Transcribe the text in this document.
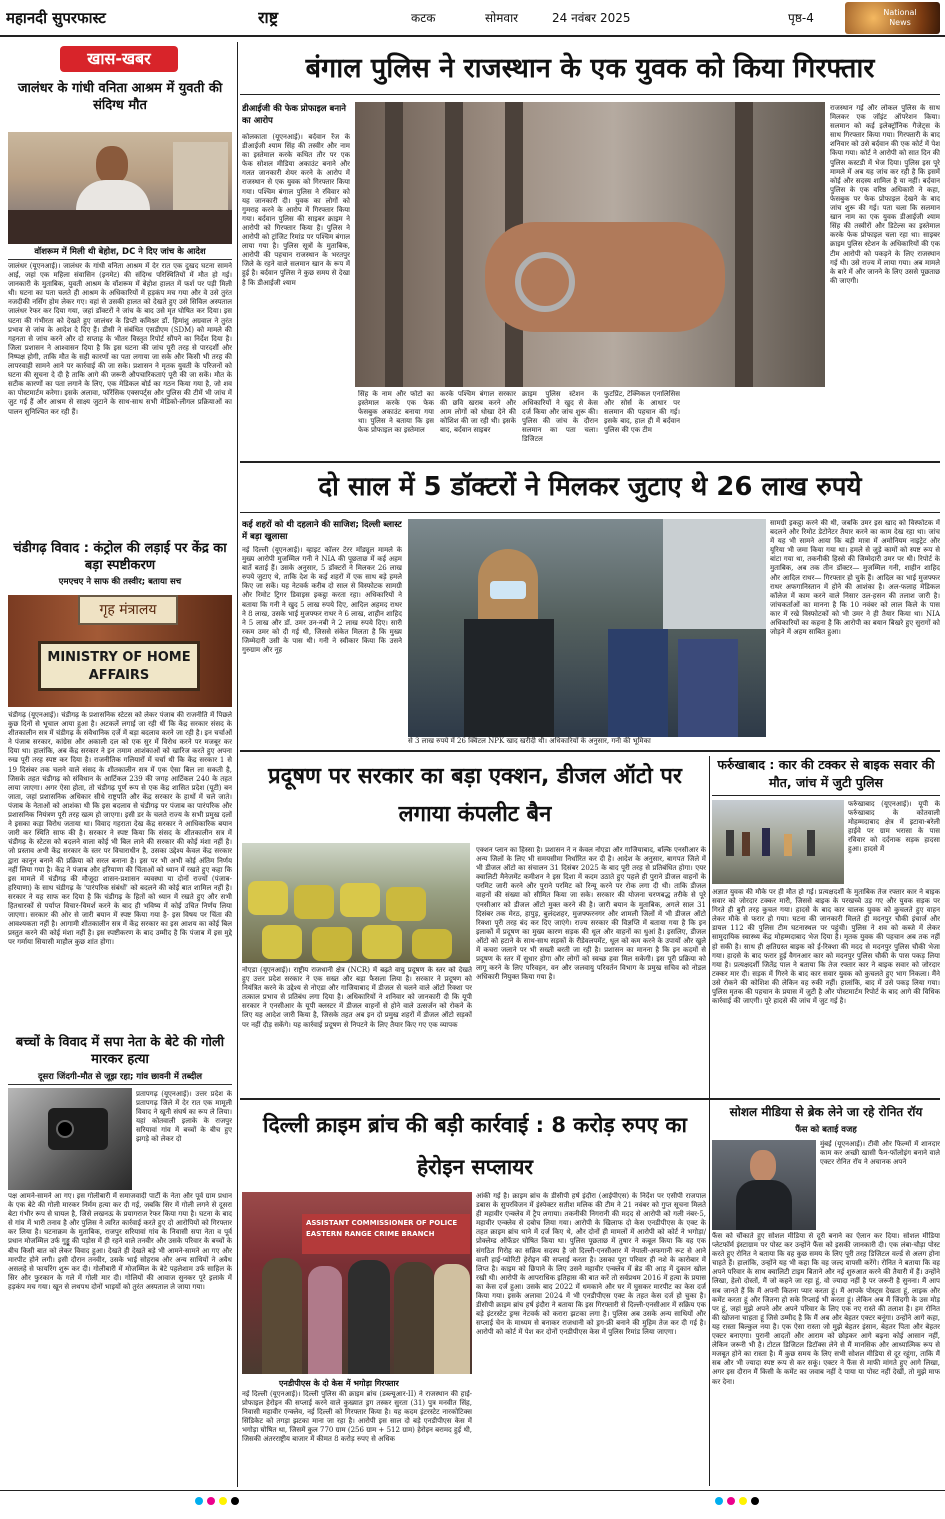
महानदी सुपरफास्ट	राष्ट्र	कटक	सोमवार	24 नवंबर 2025	पृष्ठ-4	National News
खास-खबर
जालंधर के गांधी वनिता आश्रम में युवती की संदिग्ध मौत
वॉशरूम में मिली थी बेहोश, DC ने दिए जांच के आदेश
जालंधर (यूएनआई)। जालंधर के गांधी वनिता आश्रम में देर रात एक दुखद घटना सामने आई, जहां एक महिला संवासिन (इनमेट) की संदिग्ध परिस्थितियों में मौत हो गई। जानकारी के मुताबिक, युवती आश्रम के वॉशरूम में बेहोश हालत में फर्श पर पड़ी मिली थी। घटना का पता चलते ही आश्रम के अधिकारियों में हड़कंप मच गया और वे उसे तुरंत नजदीकी नर्सिंग होम लेकर गए। वहां से उसकी हालत को देखते हुए उसे सिविल अस्पताल जालंधर रेफर कर दिया गया, जहां डॉक्टरों ने जांच के बाद उसे मृत घोषित कर दिया। इस घटना की गंभीरता को देखते हुए जालंधर के डिप्टी कमिश्नर डॉ. हिमांशु अग्रवाल ने तुरंत प्रभाव से जांच के आदेश दे दिए हैं। डीसी ने संबंधित एसडीएम (SDM) को मामले की गहनता से जांच करने और दो सप्ताह के भीतर विस्तृत रिपोर्ट सौंपने का निर्देश दिया है। जिला प्रशासन ने आश्वासन दिया है कि इस घटना की जांच पूरी तरह से पारदर्शी और निष्पक्ष होगी, ताकि मौत के सही कारणों का पता लगाया जा सके और किसी भी तरह की लापरवाही सामने आने पर कार्रवाई की जा सके। प्रशासन ने मृतक युवती के परिजनों को घटना की सूचना दे दी है ताकि आगे की जरूरी औपचारिकताएं पूरी की जा सकें। मौत के सटीक कारणों का पता लगाने के लिए, एक मेडिकल बोर्ड का गठन किया गया है, जो शव का पोस्टमार्टम करेगा। इसके अलावा, फॉरेंसिक एक्सपर्ट्स और पुलिस की टीमें भी जांच में जुट गई हैं और आश्रम से साक्ष्य जुटाने के साथ-साथ सभी मेडिको-लीगल प्रक्रियाओं का पालन सुनिश्चित कर रही हैं।
चंडीगढ़ विवाद : कंट्रोल की लड़ाई पर केंद्र का बड़ा स्पष्टीकरण
एमएचए ने साफ की तस्वीर; बताया सच
गृह मंत्रालय
MINISTRY OF HOME AFFAIRS
चंडीगढ़ (यूएनआई)। चंडीगढ़ के प्रशासनिक स्टेटस को लेकर पंजाब की राजनीति में पिछले कुछ दिनों से भूचाल आया हुआ है। अटकलें लगाई जा रही थीं कि केंद्र सरकार संसद के शीतकालीन सत्र में चंडीगढ़ के संवैधानिक दर्जे में बड़ा बदलाव करने जा रही है। इन चर्चाओं ने पंजाब सरकार, कांग्रेस और अकाली दल को एक सुर में विरोध करने पर मजबूर कर दिया था। हालांकि, अब केंद्र सरकार ने इन तमाम आशंकाओं को खारिज करते हुए अपना रुख पूरी तरह स्पष्ट कर दिया है। राजनीतिक गलियारों में चर्चा थी कि केंद्र सरकार 1 से 19 दिसंबर तक चलने वाले संसद के शीतकालीन सत्र में एक ऐसा बिल ला सकती है, जिसके तहत चंडीगढ़ को संविधान के आर्टिकल 239 की जगह आर्टिकल 240 के तहत लाया जाएगा। अगर ऐसा होता, तो चंडीगढ़ पूर्ण रूप से एक केंद्र शासित प्रदेश (यूटी) बन जाता, जहां प्रशासनिक अधिकार सीधे राष्ट्रपति और केंद्र सरकार के हाथों में चले जाते। पंजाब के नेताओं को आशंका थी कि इस बदलाव से चंडीगढ़ पर पंजाब का पारंपरिक और प्रशासनिक नियंत्रण पूरी तरह खत्म हो जाएगा। इसी डर के चलते राज्य के सभी प्रमुख दलों ने इसका कड़ा विरोध जताया था। विवाद गहराता देख केंद्र सरकार ने आधिकारिक बयान जारी कर स्थिति साफ की है। सरकार ने स्पष्ट किया कि संसद के शीतकालीन सत्र में चंडीगढ़ के स्टेटस को बदलने वाला कोई भी बिल लाने की सरकार की कोई मंशा नहीं है। जो प्रस्ताव अभी केंद्र सरकार के स्तर पर विचाराधीन है, उसका उद्देश्य केवल केंद्र सरकार द्वारा कानून बनाने की प्रक्रिया को सरल बनाना है। इस पर भी अभी कोई अंतिम निर्णय नहीं लिया गया है। केंद्र ने पंजाब और हरियाणा की चिंताओं को ध्यान में रखते हुए कहा कि इस मामले में चंडीगढ़ की मौजूदा शासन-प्रशासन व्यवस्था या दोनों राज्यों (पंजाब-हरियाणा) के साथ चंडीगढ़ के 'पारंपरिक संबंधों' को बदलने की कोई बात शामिल नहीं है। सरकार ने यह साफ कर दिया है कि चंडीगढ़ के हितों को ध्यान में रखते हुए और सभी हितधारकों से पर्याप्त विचार-विमर्श करने के बाद ही भविष्य में कोई उचित निर्णय लिया जाएगा। सरकार की ओर से जारी बयान में स्पष्ट किया गया है- इस विषय पर चिंता की आवश्यकता नहीं है। आगामी शीतकालीन सत्र में केंद्र सरकार का इस आशय का कोई बिल प्रस्तुत करने की कोई मंशा नहीं है। इस स्पष्टीकरण के बाद उम्मीद है कि पंजाब में इस मुद्दे पर गर्माया सियासी माहौल कुछ शांत होगा।
बच्चों के विवाद में सपा नेता के बेटे की गोली मारकर हत्या
दूसरा जिंदगी-मौत से जूझ रहा; गांव छावनी में तब्दील
प्रतापगढ़ (यूएनआई)। उत्तर प्रदेश के प्रतापगढ़ जिले में देर रात एक मामूली विवाद ने खूनी संघर्ष का रूप ले लिया। यहां कोतवाली इलाके के राजपुर सरियावां गांव में बच्चों के बीच हुए झगड़े को लेकर दो
पक्ष आमने-सामने आ गए। इस गोलीबारी में समाजवादी पार्टी के नेता और पूर्व ग्राम प्रधान के एक बेटे की गोली मारकर निर्मम हत्या कर दी गई, जबकि सिर में गोली लगने से दूसरा बेटा गंभीर रूप से घायल है, जिसे लखनऊ के प्रयागराज रेफर किया गया है। घटना के बाद से गांव में भारी तनाव है और पुलिस ने त्वरित कार्रवाई करते हुए दो आरोपियों को गिरफ्तार कर लिया है। घटनाक्रम के मुताबिक, राजपुर सरियावां गांव के निवासी सपा नेता व पूर्व प्रधान मोजम्मिल उर्फ गुड्डू की पड़ोस में ही रहने वाले तनवीर और उसके परिवार के बच्चों के बीच किसी बात को लेकर विवाद हुआ। देखते ही देखते बड़े भी आमने-सामने आ गए और मारपीट होने लगी। इसी दौरान तनवीर, उसके भाई सोहराब और अन्य साथियों ने अवैध असलहे से फायरिंग शुरू कर दी। गोलीबारी में मोजम्मिल के बेटे पहलेशाम उर्फ साहिल के सिर और फुरकान के गले में गोली मार दी। गोलियों की आवाज सुनकर पूरे इलाके में हड़कंप मच गया। खून से लथपथ दोनों भाइयों को तुरंत अस्पताल ले जाया गया।
बंगाल पुलिस ने राजस्थान के एक युवक को किया गिरफ्तार
डीआईजी की फेक प्रोफाइल बनाने का आरोप
कोलकाता (यूएनआई)। बर्दवान रेंज के डीआईजी श्याम सिंह की तस्वीर और नाम का इस्तेमाल करके कथित तौर पर एक फेक सोशल मीडिया अकाउंट बनाने और गलत जानकारी शेयर करने के आरोप में राजस्थान से एक युवक को गिरफ्तार किया गया। पश्चिम बंगाल पुलिस ने रविवार को यह जानकारी दी। युवक का लोगों को गुमराह करने के आरोप में गिरफ्तार किया गया। बर्दवान पुलिस की साइबर क्राइम ने आरोपी को गिरफ्तार किया है। पुलिस ने आरोपी को ट्रांजिट रिमांड पर पश्चिम बंगाल लाया गया है। पुलिस सूत्रों के मुताबिक, आरोपी की पहचान राजस्थान के भरतपुर जिले के रहने वाले सलमान खान के रूप में हुई है। बर्दवान पुलिस ने कुछ समय से देखा है कि डीआईजी श्याम
सिंह के नाम और फोटो का इस्तेमाल करके एक फेक फेसबुक अकाउंट बनाया गया था। पुलिस ने बताया कि इस फेक प्रोफाइल का इस्तेमाल
करके पश्चिम बंगाल सरकार की छवि खराब करने और आम लोगों को धोखा देने की कोशिश की जा रही थी। इसके बाद, बर्दवान साइबर
क्राइम पुलिस स्टेशन के अधिकारियों ने खुद से केस दर्ज किया और जांच शुरू की। पुलिस की जांच के दौरान सलमान का पता चला। डिजिटल
फुटप्रिंट, टेक्निकल एनालिसिस और सोर्स के आधार पर सलमान की पहचान की गई। इसके बाद, हाल ही में बर्दवान पुलिस की एक टीम
राजस्थान गई और लोकल पुलिस के साथ मिलकर एक जॉइंट ऑपरेशन किया। सलमान को कई इलेक्ट्रॉनिक गैजेट्स के साथ गिरफ्तार किया गया। गिरफ्तारी के बाद शनिवार को उसे बर्दवान की एक कोर्ट में पेश किया गया। कोर्ट ने आरोपी को सात दिन की पुलिस कस्टडी में भेज दिया। पुलिस इस पूरे मामले में अब यह जांच कर रही है कि इसमें कोई और सदस्य शामिल है या नहीं। बर्दवान पुलिस के एक वरिष्ठ अधिकारी ने कहा, फेसबुक पर फेक प्रोफाइल देखने के बाद जांच शुरू की गई। पता चला कि सलमान खान नाम का एक युवक डीआईजी श्याम सिंह की तस्वीरों और डिटेल्स का इस्तेमाल करके फेक प्रोफाइल चला रहा था। साइबर क्राइम पुलिस स्टेशन के अधिकारियों की एक टीम आरोपी को पकड़ने के लिए राजस्थान गई थी। उसे राज्य में लाया गया। अब मामले के बारे में और जानने के लिए उससे पूछताछ की जाएगी।
दो साल में 5 डॉक्टरों ने मिलकर जुटाए थे 26 लाख रुपये
कई शहरों को थी दहलाने की साजिश; दिल्ली ब्लास्ट में बड़ा खुलासा
नई दिल्ली (यूएनआई)। व्हाइट कॉलर टेरर मॉड्यूल मामले के मुख्य आरोपी मुजम्मिल गनी ने NIA की पूछताछ में कई अहम बातें बताई हैं। उसके अनुसार, 5 डॉक्टरों ने मिलकर 26 लाख रुपये जुटाए थे, ताकि देश के कई शहरों में एक साथ बड़े हमले किए जा सकें। यह नेटवर्क करीब दो साल से विस्फोटक सामग्री और रिमोट ट्रिगर डिवाइस इकट्ठा करता रहा। अधिकारियों ने बताया कि गनी ने खुद 5 लाख रुपये दिए, आदिल अहमद राथर ने 8 लाख, उसके भाई मुजफ्फर राथर ने 6 लाख, शाहीन शाहिद ने 5 लाख और डॉ. उमर उन-नबी ने 2 लाख रुपये दिए। सारी रकम उमर को दी गई थी, जिससे संकेत मिलता है कि मुख्य जिम्मेदारी उसी के पास थी। गनी ने स्वीकार किया कि उसने गुरुग्राम और नूह
से 3 लाख रुपये में 26 क्विंटल NPK खाद खरीदी थी। अधिकारियों के अनुसार, गनी की भूमिका
सामग्री इकट्ठा करने की थी, जबकि उमर इस खाद को विस्फोटक में बदलने और रिमोट डेटोनेटर तैयार करने का काम देख रहा था। जांच में यह भी सामने आया कि बड़ी मात्रा में अमोनियम नाइट्रेट और यूरिया भी जमा किया गया था। हमले से जुड़े कामों को स्पष्ट रूप से बांटा गया था, तकनीकी हिस्से की जिम्मेदारी उमर पर थी। रिपोर्ट के मुताबिक, अब तक तीन डॉक्टर— मुजम्मिल गनी, शाहीन शाहिद और आदिल राथर— गिरफ्तार हो चुके हैं। आदिल का भाई मुजफ्फर राथर अफगानिस्तान में होने की आशंका है। अल-फलाह मेडिकल कॉलेज में काम करने वाले निसार उल-हसन की तलाश जारी है। जांचकर्ताओं का मानना है कि 10 नवंबर को लाल किले के पास कार में रखे विस्फोटकों को भी उमर ने ही तैयार किया था। NIA अधिकारियों का कहना है कि आरोपी का बयान बिखरे हुए सुरागों को जोड़ने में अहम साबित हुआ।
प्रदूषण पर सरकार का बड़ा एक्शन, डीजल ऑटो पर लगाया कंपलीट बैन
नोएडा (यूएनआई)। राष्ट्रीय राजधानी क्षेत्र (NCR) में बढ़ते वायु प्रदूषण के स्तर को देखते हुए उत्तर प्रदेश सरकार ने एक सख्त और बड़ा फैसला लिया है। सरकार ने प्रदूषण को नियंत्रित करने के उद्देश्य से नोएडा और गाजियाबाद में डीजल से चलने वाले ऑटो रिक्शा पर तत्काल प्रभाव से प्रतिबंध लगा दिया है। अधिकारियों ने शनिवार को जानकारी दी कि यूपी सरकार ने एनसीआर के यूपी क्लस्टर में डीजल वाहनों से होने वाले उत्सर्जन को रोकने के लिए यह आदेश जारी किया है, जिसके तहत अब इन दो प्रमुख शहरों में डीजल ऑटो सड़कों पर नहीं दौड़ सकेंगे। यह कार्रवाई प्रदूषण से निपटने के लिए तैयार किए गए एक व्यापक
एक्शन प्लान का हिस्सा है। प्रशासन ने न केवल नोएडा और गाजियाबाद, बल्कि एनसीआर के अन्य जिलों के लिए भी समयसीमा निर्धारित कर दी है। आदेश के अनुसार, बागपत जिले में भी डीजल ऑटो का संचालन 31 दिसंबर 2025 के बाद पूरी तरह से प्रतिबंधित होगा। एयर क्वालिटी मैनेजमेंट कमीशन ने इस दिशा में कदम उठाते हुए पहले ही पुराने डीजल वाहनों के परमिट जारी करने और पुराने परमिट को रिन्यू करने पर रोक लगा दी थी। ताकि डीजल वाहनों की संख्या को सीमित किया जा सके। सरकार की योजना चरणबद्ध तरीके से पूरे एनसीआर को डीजल ऑटो मुक्त करने की है। जारी बयान के मुताबिक, अगले साल 31 दिसंबर तक मेरठ, हापुड़, बुलंदशहर, मुजफ्फरनगर और शामली जिलों में भी डीजल ऑटो रिक्शा पूरी तरह बंद कर दिए जाएंगे। राज्य सरकार की विज्ञप्ति में बताया गया है कि इन इलाकों में प्रदूषण का मुख्य कारण सड़क की धूल और वाहनों का धुआं है। इसलिए, डीजल ऑटो को हटाने के साथ-साथ सड़कों के रीडेवलपमेंट, धूल को कम करने के उपायों और खुले में कचरा जलाने पर भी सख्ती बरती जा रही है। प्रशासन का मानना है कि इन कदमों से प्रदूषण के स्तर में सुधार होगा और लोगों को स्वच्छ हवा मिल सकेगी। इस पूरी प्रक्रिया को लागू करने के लिए परिवहन, वन और जलवायु परिवर्तन विभाग के प्रमुख सचिव को नोडल अधिकारी नियुक्त किया गया है।
फर्रुखाबाद : कार की टक्कर से बाइक सवार की मौत, जांच में जुटी पुलिस
फर्रुखाबाद (यूएनआई)। यूपी के फर्रुखाबाद के कोतवाली मोहम्मदाबाद क्षेत्र में इटावा-बरेली हाईवे पर ग्राम भरासा के पास रविवार को दर्दनाक सड़क हादसा हुआ। हादसे में
अज्ञात युवक की मौके पर ही मौत हो गई। प्रत्यक्षदर्शी के मुताबिक तेज रफ्तार कार ने बाइक सवार को जोरदार टक्कर मारी, जिससे बाइक के परखच्चे उड़ गए और युवक सड़क पर गिरते ही बुरी तरह कुचल गया। हादसे के बाद कार चालक युवक को कुचलते हुए वाहन लेकर मौके से फरार हो गया। घटना की जानकारी मिलते ही मदनपुर चौकी इंचार्ज और डायल 112 की पुलिस टीम घटनास्थल पर पहुंची। पुलिस ने शव को कब्जे में लेकर सामुदायिक स्वास्थ्य केंद्र मोहम्मदाबाद भेज दिया है। मृतक युवक की पहचान अब तक नहीं हो सकी है। साथ ही क्षतिग्रस्त बाइक को ई-रिक्शा की मदद से मदनपुर पुलिस चौकी भेजा गया। हादसे के बाद फरार हुई वैगनआर कार को मदनपुर पुलिस चौकी के पास पकड़ लिया गया है। प्रत्यक्षदर्शी जितेंद्र पाल ने बताया कि तेज रफ्तार कार ने बाइक सवार को जोरदार टक्कर मार दी। सड़क में गिरने के बाद कार सवार युवक को कुचलते हुए भाग निकला। मैंने उसे रोकने की कोशिश की लेकिन वह रुकी नहीं। हालांकि, बाद में उसे पकड़ लिया गया। पुलिस मृतक की पहचान के प्रयास में जुटी है और पोस्टमार्टम रिपोर्ट के बाद आगे की विधिक कार्रवाई की जाएगी। पूरे हादसे की जांच में जुट गई है।
दिल्ली क्राइम ब्रांच की बड़ी कार्रवाई : 8 करोड़ रुपए का हेरोइन सप्लायर
ASSISTANT COMMISSIONER OF POLICE
EASTERN RANGE CRIME BRANCH
एनडीपीएस के दो केस में भगोड़ा गिरफ्तार
नई दिल्ली (यूएनआई)। दिल्ली पुलिस की क्राइम ब्रांच (डब्ल्यूआर-II) ने राजस्थान की हाई-प्रोफाइल हेरोइन की सप्लाई करने वाले कुख्यात ड्रग तस्कर सुरता (31) पुत्र मनवीत सिंह, निवासी महावीर एन्क्लेव, नई दिल्ली को गिरफ्तार किया है। यह कदम इंटरस्टेट नारकोटिक्स सिंडिकेट को तगड़ा झटका माना जा रहा है। आरोपी इस साल दो बड़े एनडीपीएस केस में भगोड़ा घोषित था, जिसमें कुल 770 ग्राम (256 ग्राम + 512 ग्राम) हेरोइन बरामद हुई थी, जिसकी अंतरराष्ट्रीय बाजार में कीमत 8 करोड़ रुपए से अधिक
आंकी गई है। क्राइम ब्रांच के डीसीपी हर्ष इंदौरा (आईपीएस) के निर्देश पर एसीपी राजपाल डबास के सुपरविजन में इंस्पेक्टर सतीश मलिक की टीम ने 21 नवंबर को गुप्त सूचना मिलते ही महावीर एन्क्लेव में ट्रैप लगाया। तकनीकी निगरानी की मदद से आरोपी को गली नंबर-5, महावीर एन्क्लेव से दबोच लिया गया। आरोपी के खिलाफ दो केस एनडीपीएस के एक्ट के तहत क्राइम ब्रांच थाने में दर्ज किए थे, और दोनों ही मामलों में आरोपी को कोर्ट ने भगोड़ा/प्रोक्लेम्ड ऑफेंडर घोषित किया था। पुलिस पूछताछ में तुषार ने कबूल किया कि वह एक संगठित गिरोह का सक्रिय सदस्य है जो दिल्ली-एनसीआर में नेपाली-अफगानी रूट से आने वाली हाई-प्योरिटी हेरोइन की सप्लाई करता है। उसका पूरा परिवार ही नशे के कारोबार में लिप्त है। काइम को छिपाने के लिए उसने महावीर एन्क्लेव में ब्रेड की आड़ में दुकान खोल रखी थी। आरोपी के आपराधिक इतिहास की बात करें तो सर्वप्रथम 2016 में हत्या के प्रयास का केस दर्ज हुआ। उसके बाद 2022 में धमकाने और घर में घुसकर मारपीट का केस दर्ज किया गया। इसके अलावा 2024 में भी एनडीपीएस एक्ट के तहत केस दर्ज हो चुका है। डीसीपी क्राइम ब्रांच हर्ष इंदौरा ने बताया कि इस गिरफ्तारी से दिल्ली-एनसीआर में सक्रिय एक बड़े इंटरस्टेट ड्रग्स नेटवर्क को करारा झटका लगा है। पुलिस अब उसके अन्य साथियों और सप्लाई चेन के माध्यम से बनाकर राजधानी को ड्रग-फ्री बनाने की मुहिम तेज कर दी गई है। आरोपी को कोर्ट में पेश कर दोनों एनडीपीएस केस में पुलिस रिमांड लिया जाएगा।
सोशल मीडिया से ब्रेक लेने जा रहे रोनित रॉय
फैंस को बताई वजह
मुंबई (यूएनआई)। टीवी और फिल्मों में शानदार काम कर अच्छी खासी फैन-फॉलोइंग बनाने वाले एक्टर रोनित रॉय ने अचानक अपने
फैंस को चौंकाते हुए सोशल मीडिया से दूरी बनाने का ऐलान कर दिया। सोशल मीडिया प्लेटफॉर्म इंस्टाग्राम पर पोस्ट कर उन्होंने फैंस को इसकी जानकारी दी। एक लंबा-चौड़ा पोस्ट करते हुए रोनित ने बताया कि वह कुछ समय के लिए पूरी तरह डिजिटल वर्ल्ड से अलग होना चाहते हैं। हालांकि, उन्होंने यह भी कहा कि वह जल्द वापसी करेंगे। रोनित ने बताया कि वह अपने परिवार के साथ क्वालिटी टाइम बिताने और नई शुरुआत करने की तैयारी में हैं। उन्होंने लिखा, हेलो दोस्तों, मैं जो कहने जा रहा हूं, वो ज्यादा नहीं है पर जरूरी है सुनना। मैं आप सब जानते हैं कि मैं अपनी कितना प्यार करता हूं। मैं आपके पोस्ट्स देखता हूं, लाइक और कमेंट करता हूं और जितना हो सके रिप्लाई भी करता हूं। लेकिन अब मैं जिंदगी के उस मोड़ पर हूं, जहां मुझे अपने और अपने परिवार के लिए एक नए रास्ते की तलाश है। हम रोनित की खोजना चाहता हूं जिसे उम्मीद है कि मैं अब और बेहतर एक्टर बनूंगा। उन्होंने आगे कहा, यह रास्ता बिल्कुल नया है। एक ऐसा रास्ता जो मुझे बेहतर इंसान, बेहतर पिता और बेहतर एक्टर बनाएगा। पुरानी आदतों और आराम को छोड़कर आगे बढ़ना कोई आसान नहीं, लेकिन जरूरी भी है। टोटल डिजिटल डिटॉक्स लेने से मैं मानसिक और आध्यात्मिक रूप से मजबूत होने का रास्ता है। मैं कुछ समय के लिए सभी सोशल मीडिया से दूर रहूंगा, ताकि मैं सब और भी ज्यादा स्पष्ट रूप से कर सकूं। एक्टर ने फैंस से माफी मांगते हुए आगे लिखा, अगर इस दौरान मैं किसी के कमेंट का जवाब नहीं दे पाया या पोस्ट नहीं देखीं, तो मुझे माफ कर देना।
